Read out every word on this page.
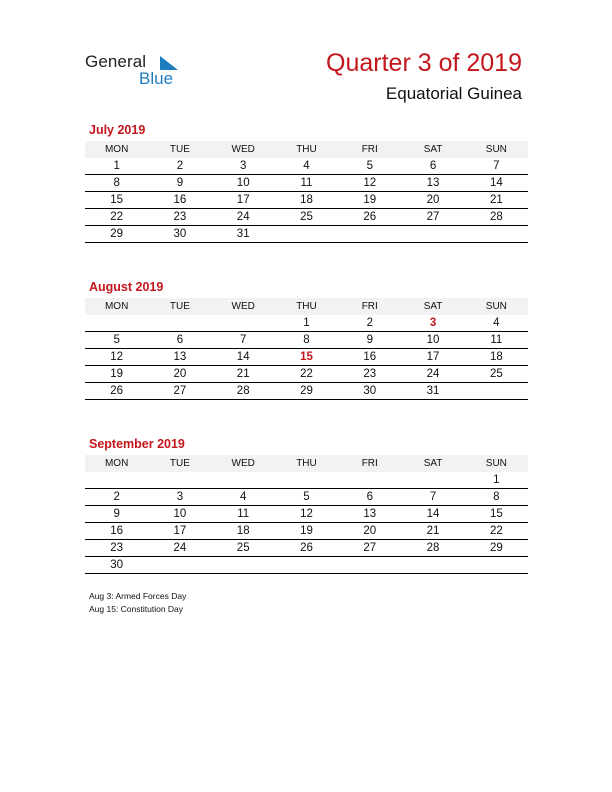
General
Blue
Quarter 3 of 2019
Equatorial Guinea
July 2019
MON	TUE	WED	THU	FRI	SAT	SUN
1	2	3	4	5	6	7
8	9	10	11	12	13	14
15	16	17	18	19	20	21
22	23	24	25	26	27	28
29	30	31				
August 2019
MON	TUE	WED	THU	FRI	SAT	SUN
			1	2	3	4
5	6	7	8	9	10	11
12	13	14	15	16	17	18
19	20	21	22	23	24	25
26	27	28	29	30	31	
September 2019
MON	TUE	WED	THU	FRI	SAT	SUN
						1
2	3	4	5	6	7	8
9	10	11	12	13	14	15
16	17	18	19	20	21	22
23	24	25	26	27	28	29
30						
Aug 3: Armed Forces Day
Aug 15: Constitution Day
